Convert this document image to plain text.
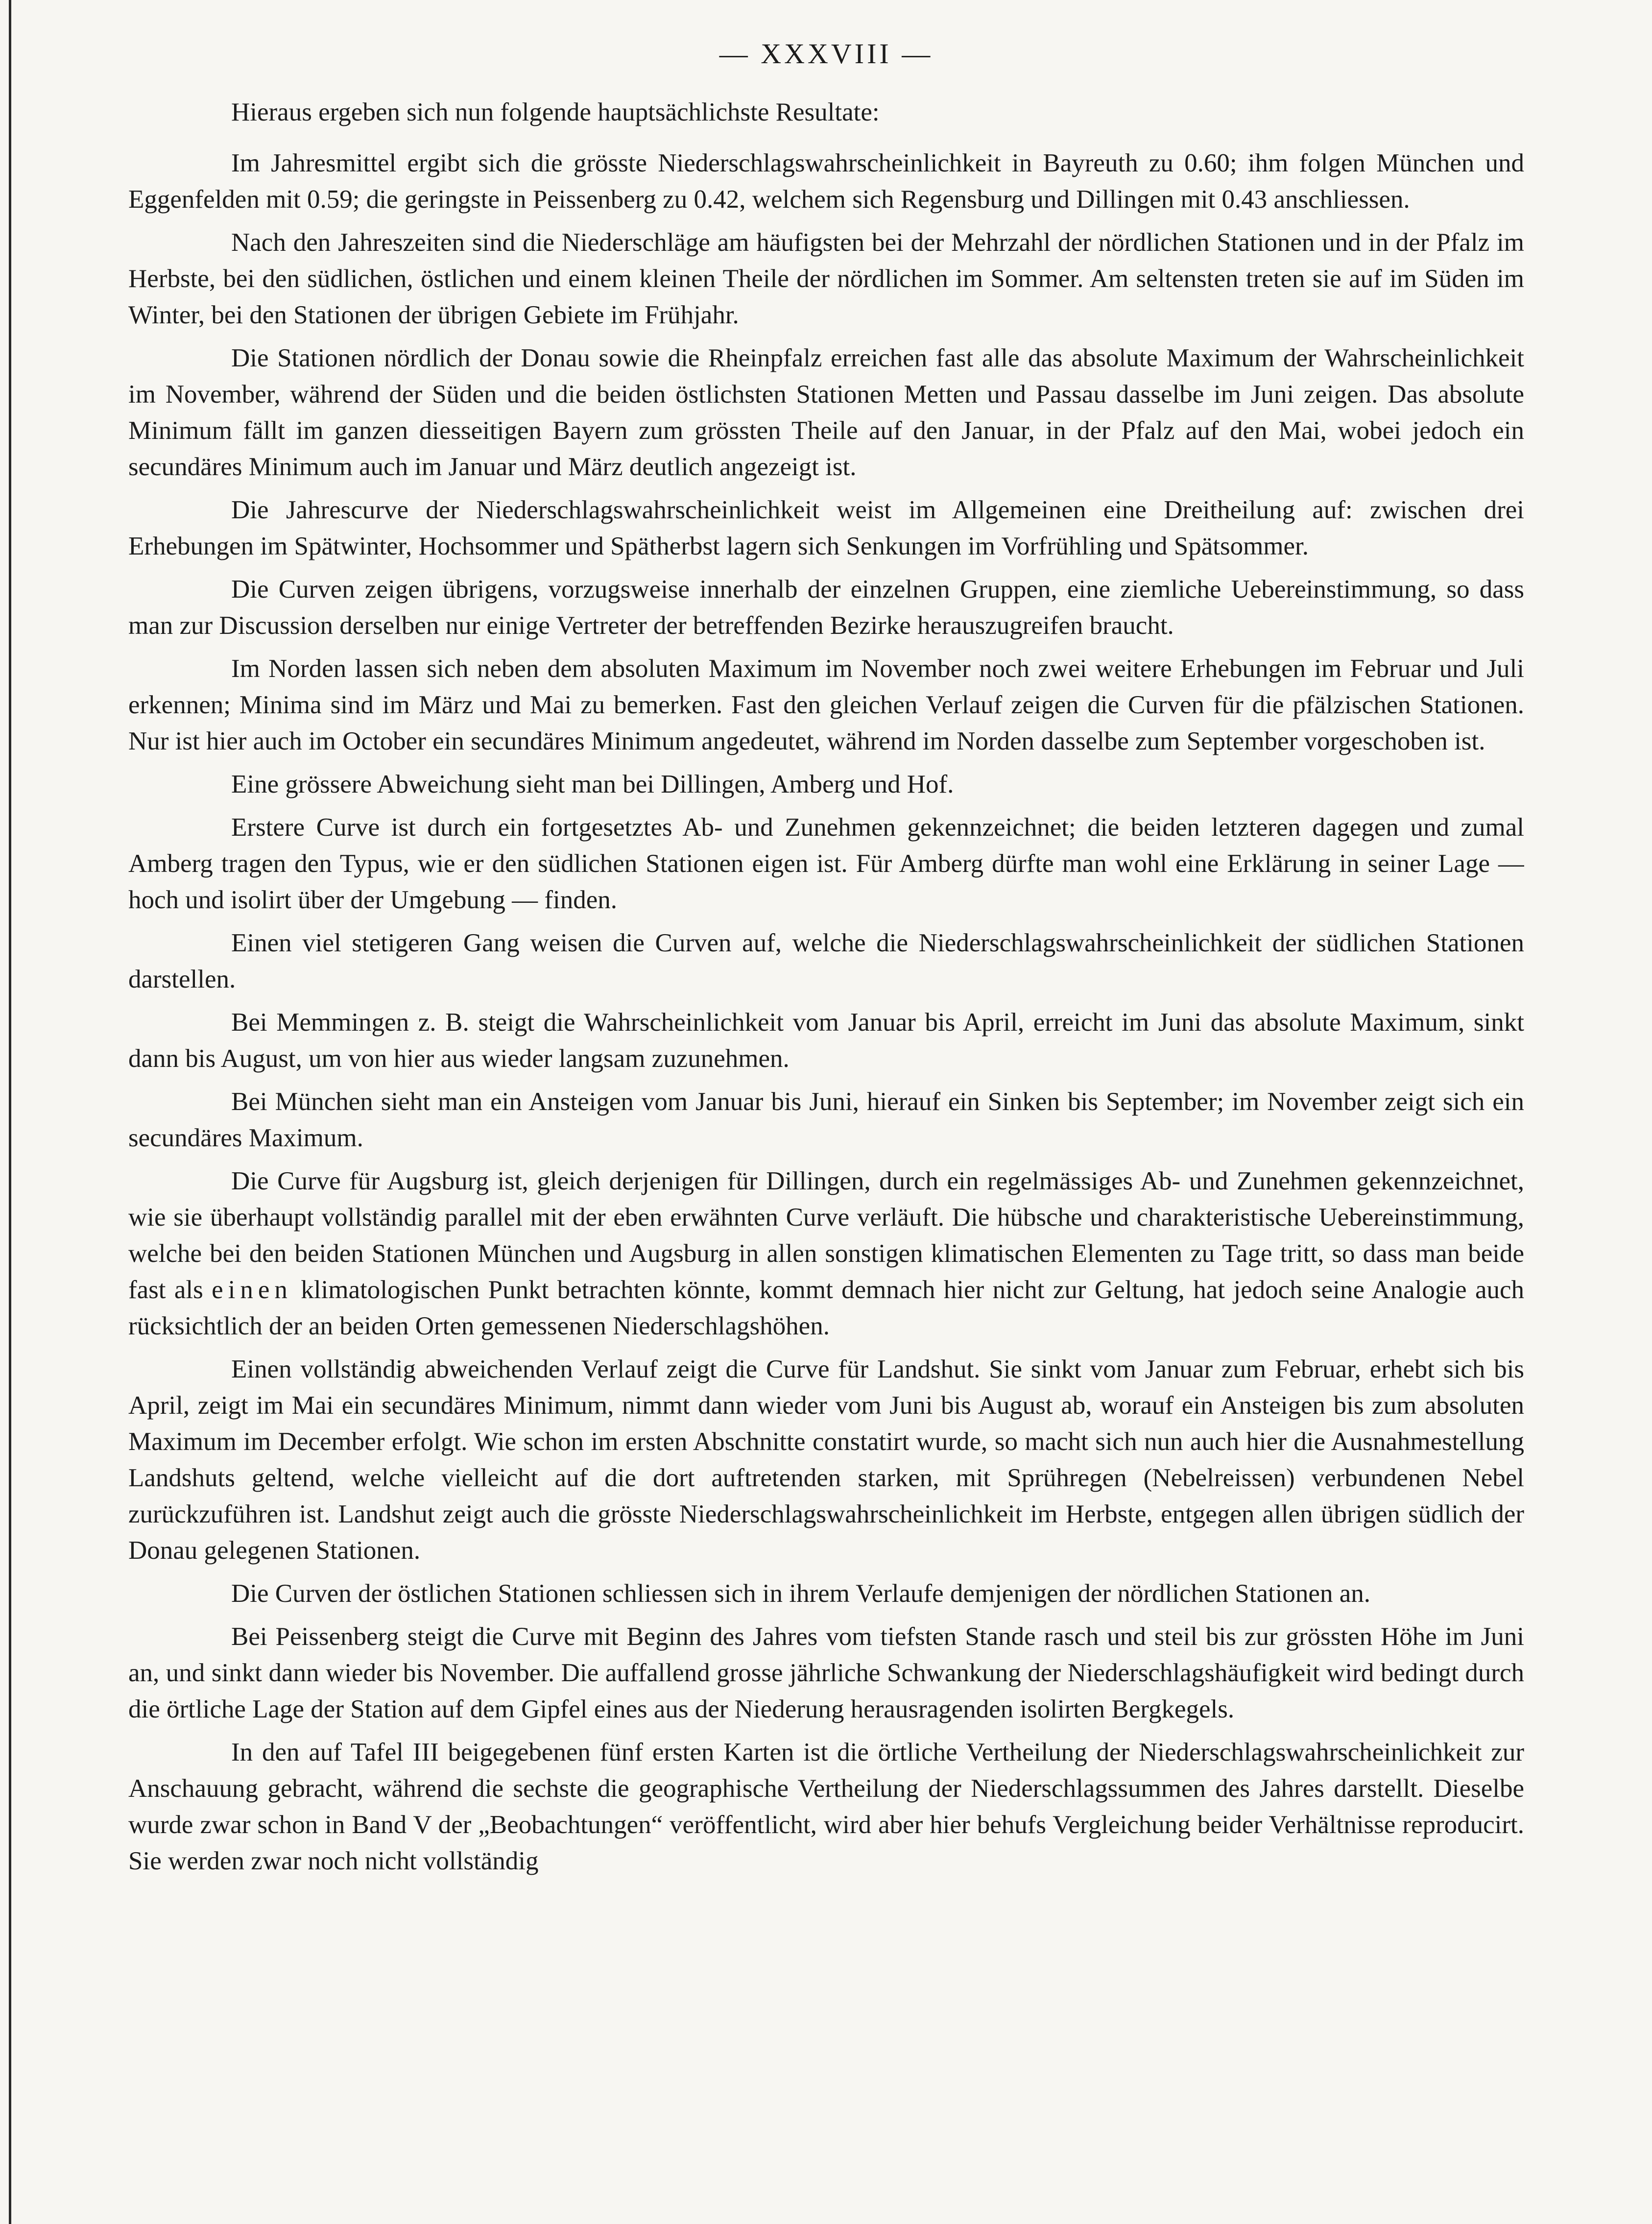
— XXXVIII —

Hieraus ergeben sich nun folgende hauptsächlichste Resultate:

Im Jahresmittel ergibt sich die grösste Niederschlagswahrscheinlichkeit in Bayreuth zu 0.60; ihm folgen München und Eggenfelden mit 0.59; die geringste in Peissenberg zu 0.42, welchem sich Regensburg und Dillingen mit 0.43 anschliessen.

Nach den Jahreszeiten sind die Niederschläge am häufigsten bei der Mehrzahl der nördlichen Stationen und in der Pfalz im Herbste, bei den südlichen, östlichen und einem kleinen Theile der nördlichen im Sommer. Am seltensten treten sie auf im Süden im Winter, bei den Stationen der übrigen Gebiete im Frühjahr.

Die Stationen nördlich der Donau sowie die Rheinpfalz erreichen fast alle das absolute Maximum der Wahrscheinlichkeit im November, während der Süden und die beiden östlichsten Stationen Metten und Passau dasselbe im Juni zeigen. Das absolute Minimum fällt im ganzen diesseitigen Bayern zum grössten Theile auf den Januar, in der Pfalz auf den Mai, wobei jedoch ein secundäres Minimum auch im Januar und März deutlich angezeigt ist.

Die Jahrescurve der Niederschlagswahrscheinlichkeit weist im Allgemeinen eine Dreitheilung auf: zwischen drei Erhebungen im Spätwinter, Hochsommer und Spätherbst lagern sich Senkungen im Vorfrühling und Spätsommer.

Die Curven zeigen übrigens, vorzugsweise innerhalb der einzelnen Gruppen, eine ziemliche Uebereinstimmung, so dass man zur Discussion derselben nur einige Vertreter der betreffenden Bezirke herauszugreifen braucht.

Im Norden lassen sich neben dem absoluten Maximum im November noch zwei weitere Erhebungen im Februar und Juli erkennen; Minima sind im März und Mai zu bemerken. Fast den gleichen Verlauf zeigen die Curven für die pfälzischen Stationen. Nur ist hier auch im October ein secundäres Minimum angedeutet, während im Norden dasselbe zum September vorgeschoben ist.

Eine grössere Abweichung sieht man bei Dillingen, Amberg und Hof.

Erstere Curve ist durch ein fortgesetztes Ab- und Zunehmen gekennzeichnet; die beiden letzteren dagegen und zumal Amberg tragen den Typus, wie er den südlichen Stationen eigen ist. Für Amberg dürfte man wohl eine Erklärung in seiner Lage — hoch und isolirt über der Umgebung — finden.

Einen viel stetigeren Gang weisen die Curven auf, welche die Niederschlagswahrscheinlichkeit der südlichen Stationen darstellen.

Bei Memmingen z. B. steigt die Wahrscheinlichkeit vom Januar bis April, erreicht im Juni das absolute Maximum, sinkt dann bis August, um von hier aus wieder langsam zuzunehmen.

Bei München sieht man ein Ansteigen vom Januar bis Juni, hierauf ein Sinken bis September; im November zeigt sich ein secundäres Maximum.

Die Curve für Augsburg ist, gleich derjenigen für Dillingen, durch ein regelmässiges Ab- und Zunehmen gekennzeichnet, wie sie überhaupt vollständig parallel mit der eben erwähnten Curve verläuft. Die hübsche und charakteristische Uebereinstimmung, welche bei den beiden Stationen München und Augsburg in allen sonstigen klimatischen Elementen zu Tage tritt, so dass man beide fast als einen klimatologischen Punkt betrachten könnte, kommt demnach hier nicht zur Geltung, hat jedoch seine Analogie auch rücksichtlich der an beiden Orten gemessenen Niederschlagshöhen.

Einen vollständig abweichenden Verlauf zeigt die Curve für Landshut. Sie sinkt vom Januar zum Februar, erhebt sich bis April, zeigt im Mai ein secundäres Minimum, nimmt dann wieder vom Juni bis August ab, worauf ein Ansteigen bis zum absoluten Maximum im December erfolgt. Wie schon im ersten Abschnitte constatirt wurde, so macht sich nun auch hier die Ausnahmestellung Landshuts geltend, welche vielleicht auf die dort auftretenden starken, mit Sprühregen (Nebelreissen) verbundenen Nebel zurückzuführen ist. Landshut zeigt auch die grösste Niederschlagswahrscheinlichkeit im Herbste, entgegen allen übrigen südlich der Donau gelegenen Stationen.

Die Curven der östlichen Stationen schliessen sich in ihrem Verlaufe demjenigen der nördlichen Stationen an.

Bei Peissenberg steigt die Curve mit Beginn des Jahres vom tiefsten Stande rasch und steil bis zur grössten Höhe im Juni an, und sinkt dann wieder bis November. Die auffallend grosse jährliche Schwankung der Niederschlagshäufigkeit wird bedingt durch die örtliche Lage der Station auf dem Gipfel eines aus der Niederung herausragenden isolirten Bergkegels.

In den auf Tafel III beigegebenen fünf ersten Karten ist die örtliche Vertheilung der Niederschlagswahrscheinlichkeit zur Anschauung gebracht, während die sechste die geographische Vertheilung der Niederschlagssummen des Jahres darstellt. Dieselbe wurde zwar schon in Band V der „Beobachtungen“ veröffentlicht, wird aber hier behufs Vergleichung beider Verhältnisse reproducirt. Sie werden zwar noch nicht vollständig
